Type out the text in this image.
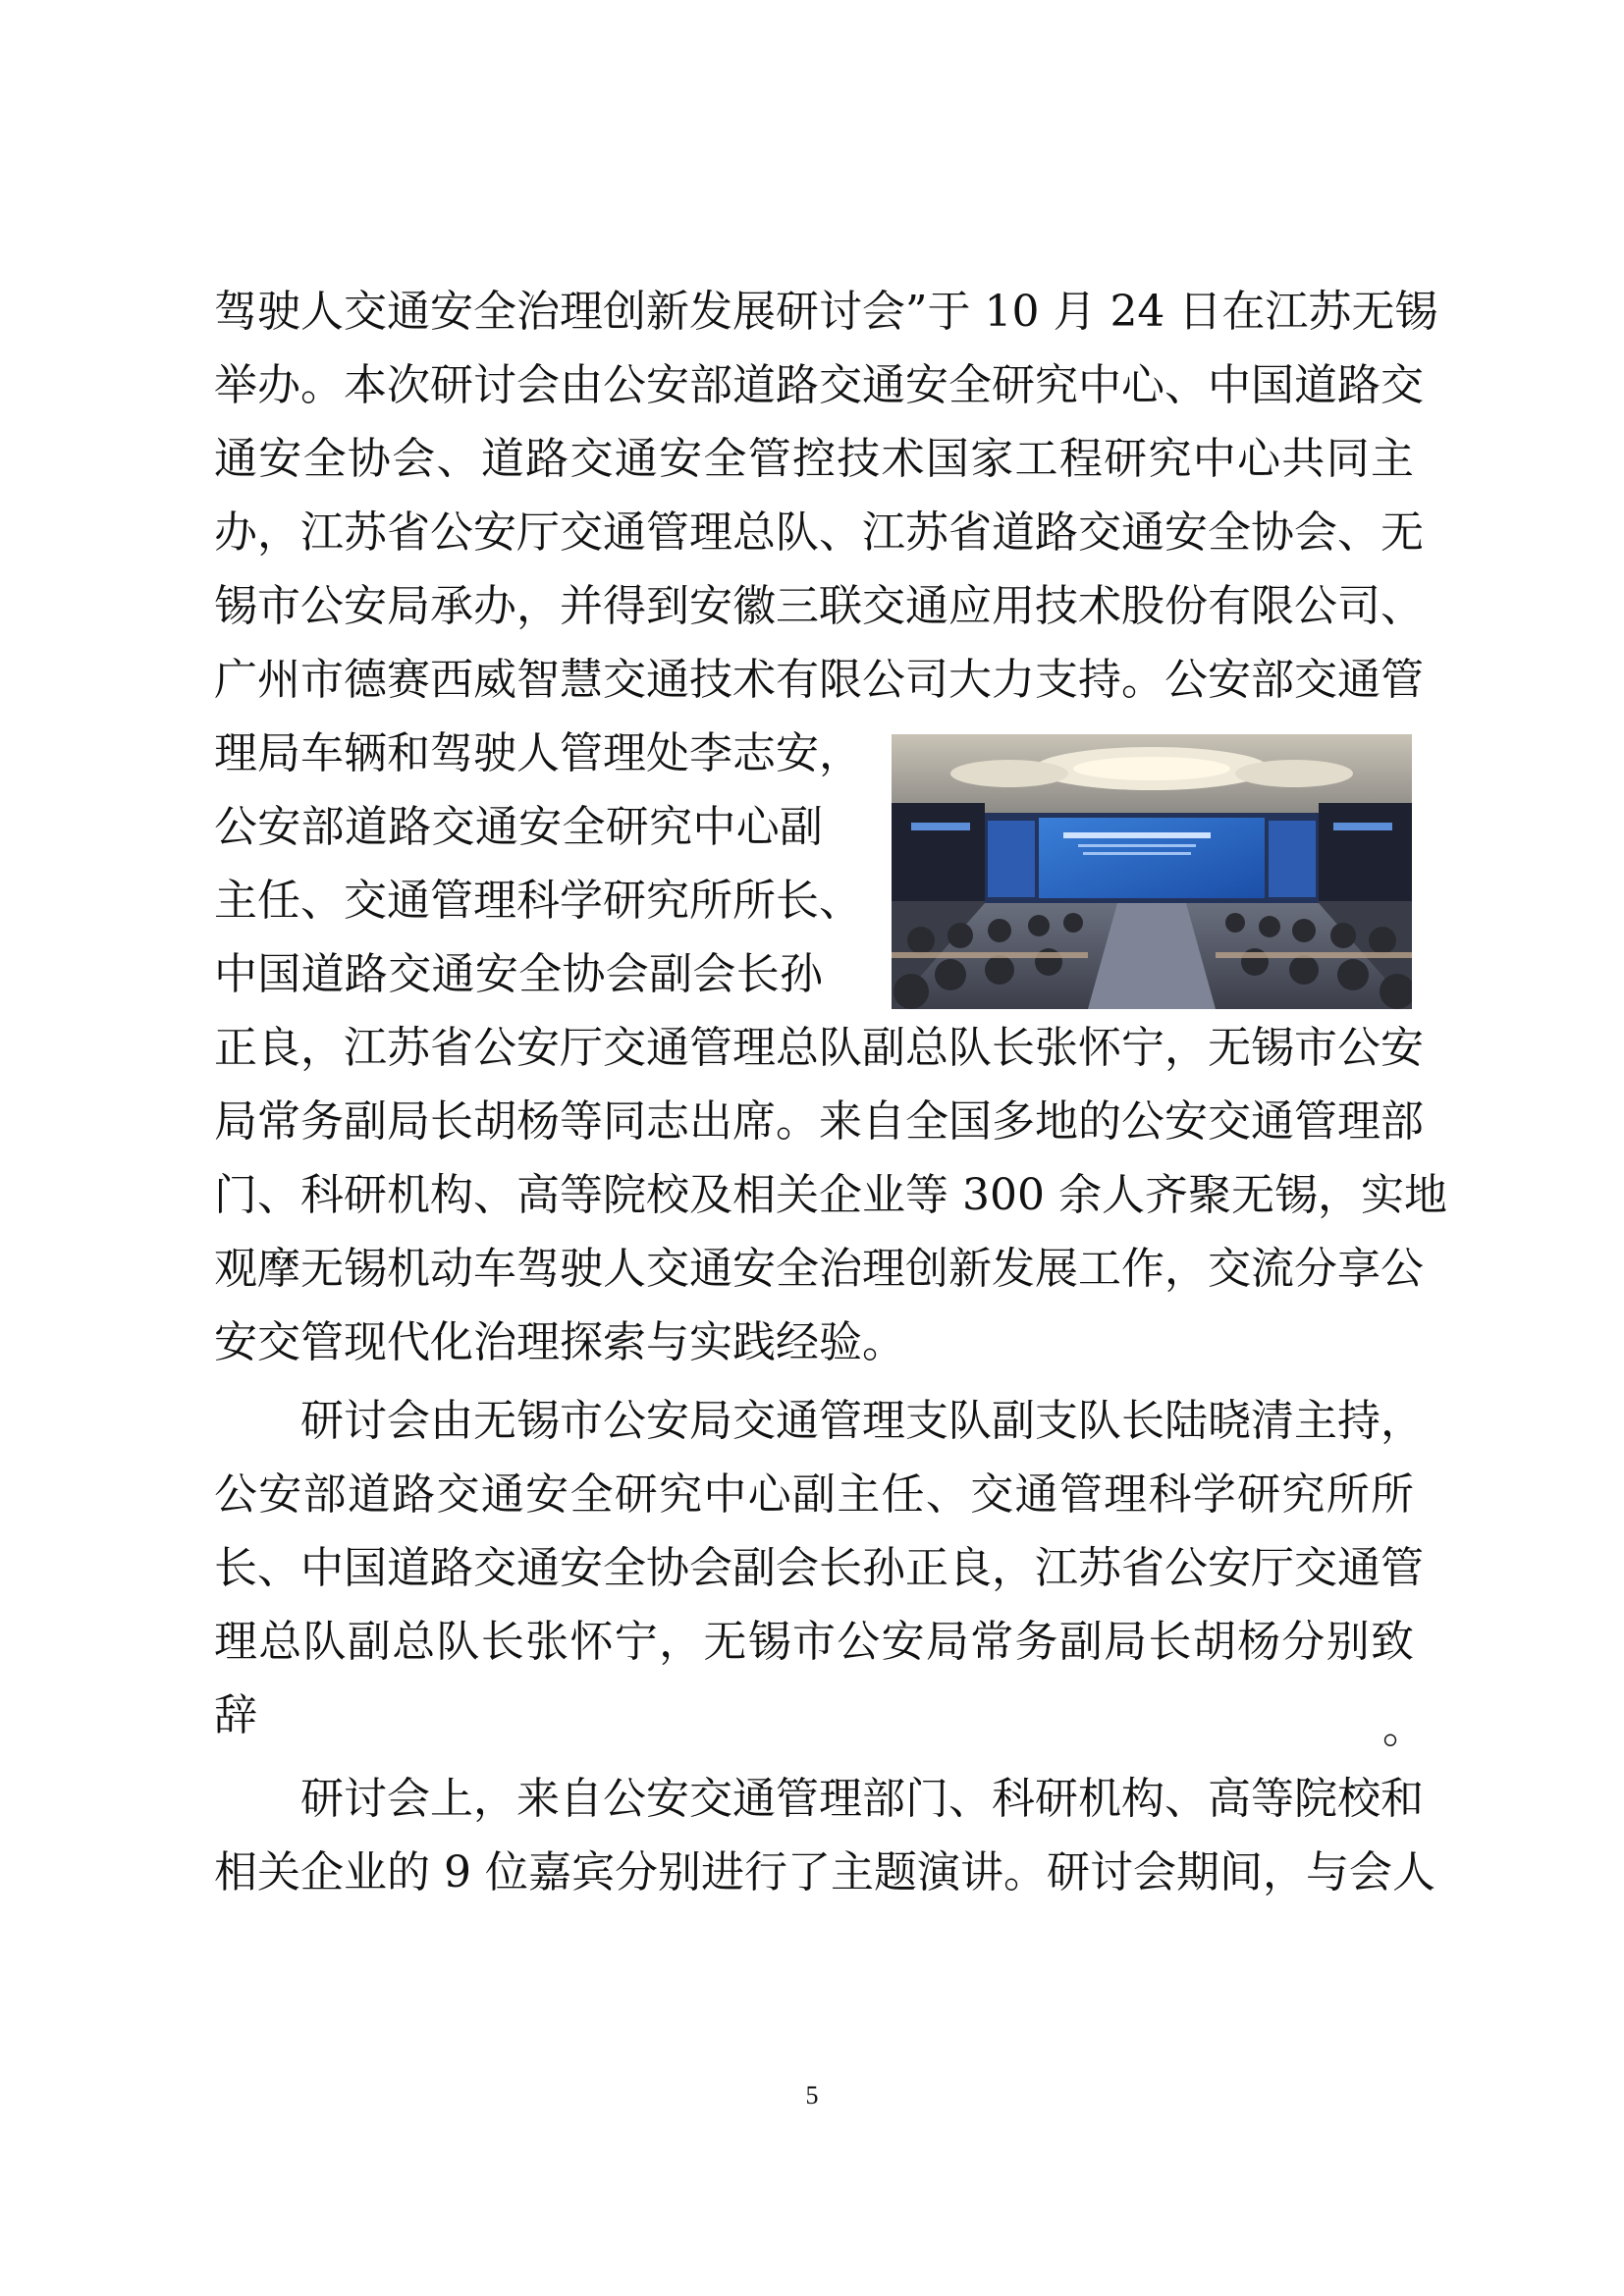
驾驶人交通安全治理创新发展研讨会”于 10 月 24 日在江苏无锡
举办。本次研讨会由公安部道路交通安全研究中心、中国道路交
通安全协会、道路交通安全管控技术国家工程研究中心共同主
办，江苏省公安厅交通管理总队、江苏省道路交通安全协会、无
锡市公安局承办，并得到安徽三联交通应用技术股份有限公司、
广州市德赛西威智慧交通技术有限公司大力支持。公安部交通管
理局车辆和驾驶人管理处李志安，
公安部道路交通安全研究中心副
主任、交通管理科学研究所所长、
中国道路交通安全协会副会长孙
正良，江苏省公安厅交通管理总队副总队长张怀宁，无锡市公安
局常务副局长胡杨等同志出席。来自全国多地的公安交通管理部
门、科研机构、高等院校及相关企业等 300 余人齐聚无锡，实地
观摩无锡机动车驾驶人交通安全治理创新发展工作，交流分享公
安交管现代化治理探索与实践经验。
　　研讨会由无锡市公安局交通管理支队副支队长陆晓清主持，
公安部道路交通安全研究中心副主任、交通管理科学研究所所
长、中国道路交通安全协会副会长孙正良，江苏省公安厅交通管
理总队副总队长张怀宁，无锡市公安局常务副局长胡杨分别致
辞	。
　　研讨会上，来自公安交通管理部门、科研机构、高等院校和
相关企业的 9 位嘉宾分别进行了主题演讲。研讨会期间，与会人
5
